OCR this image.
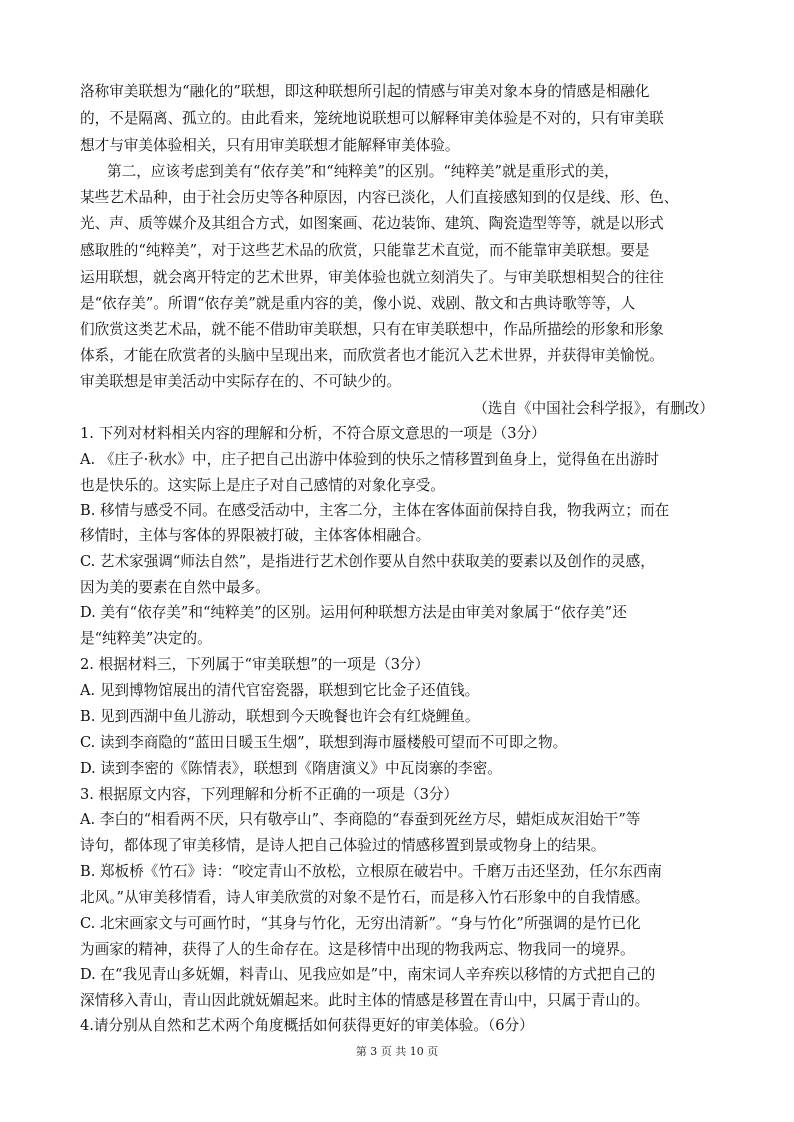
洛称审美联想为“融化的”联想，即这种联想所引起的情感与审美对象本身的情感是相融化

的，不是隔离、孤立的。由此看来，笼统地说联想可以解释审美体验是不对的，只有审美联

想才与审美体验相关，只有用审美联想才能解释审美体验。

第二，应该考虑到美有“依存美”和“纯粹美”的区别。“纯粹美”就是重形式的美，

某些艺术品种，由于社会历史等各种原因，内容已淡化，人们直接感知到的仅是线、形、色、

光、声、质等媒介及其组合方式，如图案画、花边装饰、建筑、陶瓷造型等等，就是以形式

感取胜的“纯粹美”，对于这些艺术品的欣赏，只能靠艺术直觉，而不能靠审美联想。要是

运用联想，就会离开特定的艺术世界，审美体验也就立刻消失了。与审美联想相契合的往往

是“依存美”。所谓“依存美”就是重内容的美，像小说、戏剧、散文和古典诗歌等等，人

们欣赏这类艺术品，就不能不借助审美联想，只有在审美联想中，作品所描绘的形象和形象

体系，才能在欣赏者的头脑中呈现出来，而欣赏者也才能沉入艺术世界，并获得审美愉悦。

审美联想是审美活动中实际存在的、不可缺少的。

（选自《中国社会科学报》，有删改）

1. 下列对材料相关内容的理解和分析，不符合原文意思的一项是（3分）

A. 《庄子·秋水》中，庄子把自己出游中体验到的快乐之情移置到鱼身上，觉得鱼在出游时

也是快乐的。这实际上是庄子对自己感情的对象化享受。

B. 移情与感受不同。在感受活动中，主客二分，主体在客体面前保持自我，物我两立；而在

移情时，主体与客体的界限被打破，主体客体相融合。

C. 艺术家强调“师法自然”，是指进行艺术创作要从自然中获取美的要素以及创作的灵感，

因为美的要素在自然中最多。

D. 美有“依存美”和“纯粹美”的区别。运用何种联想方法是由审美对象属于“依存美”还

是“纯粹美”决定的。

2. 根据材料三，下列属于“审美联想”的一项是（3分）

A. 见到博物馆展出的清代官窑瓷器，联想到它比金子还值钱。

B. 见到西湖中鱼儿游动，联想到今天晚餐也许会有红烧鲤鱼。

C. 读到李商隐的“蓝田日暖玉生烟”，联想到海市蜃楼般可望而不可即之物。

D. 读到李密的《陈情表》，联想到《隋唐演义》中瓦岗寨的李密。

3. 根据原文内容，下列理解和分析不正确的一项是（3分）

A. 李白的“相看两不厌，只有敬亭山”、李商隐的“春蚕到死丝方尽，蜡炬成灰泪始干”等

诗句，都体现了审美移情，是诗人把自己体验过的情感移置到景或物身上的结果。

B. 郑板桥《竹石》诗：“咬定青山不放松，立根原在破岩中。千磨万击还坚劲，任尔东西南

北风。”从审美移情看，诗人审美欣赏的对象不是竹石，而是移入竹石形象中的自我情感。

C. 北宋画家文与可画竹时，“其身与竹化，无穷出清新”。“身与竹化”所强调的是竹已化

为画家的精神，获得了人的生命存在。这是移情中出现的物我两忘、物我同一的境界。

D. 在“我见青山多妩媚，料青山、见我应如是”中，南宋词人辛弃疾以移情的方式把自己的

深情移入青山，青山因此就妩媚起来。此时主体的情感是移置在青山中，只属于青山的。

4.请分别从自然和艺术两个角度概括如何获得更好的审美体验。（6分）

第 3 页 共 10 页
